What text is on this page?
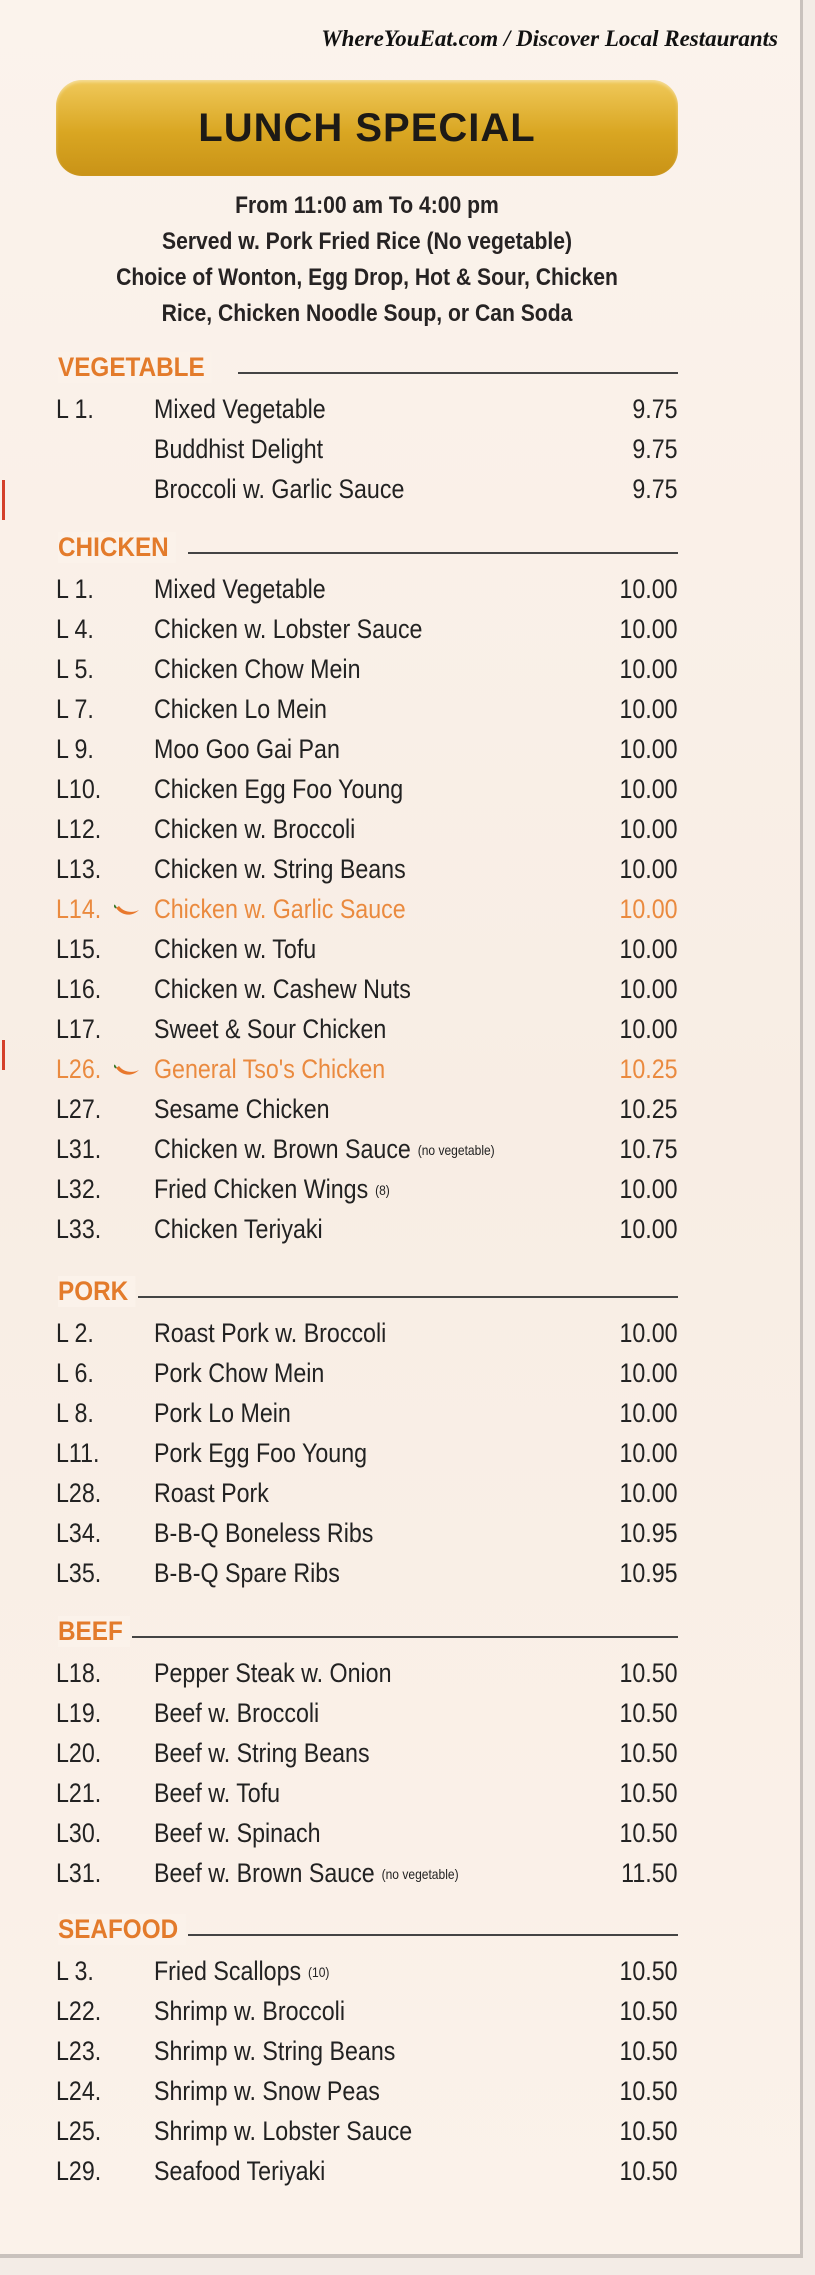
WhereYouEat.com / Discover Local Restaurants
LUNCH SPECIAL
From 11:00 am To 4:00 pm
Served w. Pork Fried Rice (No vegetable)
Choice of Wonton, Egg Drop, Hot & Sour, Chicken
Rice, Chicken Noodle Soup, or Can Soda
VEGETABLE
L 1. Mixed Vegetable	9.75
Buddhist Delight	9.75
Broccoli w. Garlic Sauce	9.75
CHICKEN
L 1. Mixed Vegetable	10.00
L 4. Chicken w. Lobster Sauce	10.00
L 5. Chicken Chow Mein	10.00
L 7. Chicken Lo Mein	10.00
L 9. Moo Goo Gai Pan	10.00
L10. Chicken Egg Foo Young	10.00
L12. Chicken w. Broccoli	10.00
L13. Chicken w. String Beans	10.00
L14. Chicken w. Garlic Sauce	10.00
L15. Chicken w. Tofu	10.00
L16. Chicken w. Cashew Nuts	10.00
L17. Sweet & Sour Chicken	10.00
L26. General Tso's Chicken	10.25
L27. Sesame Chicken	10.25
L31. Chicken w. Brown Sauce (no vegetable)	10.75
L32. Fried Chicken Wings (8)	10.00
L33. Chicken Teriyaki	10.00
PORK
L 2. Roast Pork w. Broccoli	10.00
L 6. Pork Chow Mein	10.00
L 8. Pork Lo Mein	10.00
L11. Pork Egg Foo Young	10.00
L28. Roast Pork	10.00
L34. B-B-Q Boneless Ribs	10.95
L35. B-B-Q Spare Ribs	10.95
BEEF
L18. Pepper Steak w. Onion	10.50
L19. Beef w. Broccoli	10.50
L20. Beef w. String Beans	10.50
L21. Beef w. Tofu	10.50
L30. Beef w. Spinach	10.50
L31. Beef w. Brown Sauce (no vegetable)	11.50
SEAFOOD
L 3. Fried Scallops (10)	10.50
L22. Shrimp w. Broccoli	10.50
L23. Shrimp w. String Beans	10.50
L24. Shrimp w. Snow Peas	10.50
L25. Shrimp w. Lobster Sauce	10.50
L29. Seafood Teriyaki	10.50
